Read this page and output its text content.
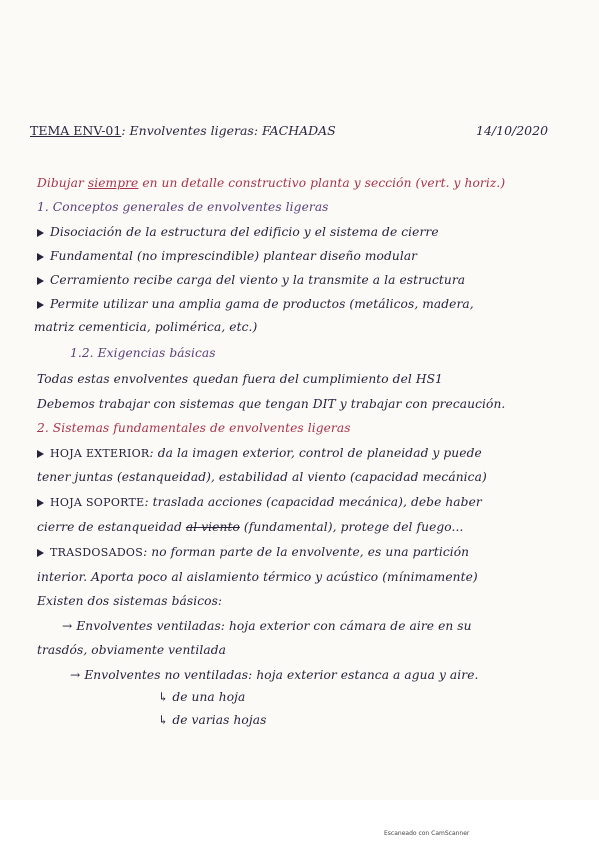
TEMA ENV-01: Envolventes ligeras: FACHADAS	14/10/2020
Dibujar siempre en un detalle constructivo planta y sección (vert. y horiz.)
1. Conceptos generales de envolventes ligeras
Disociación de la estructura del edificio y el sistema de cierre
Fundamental (no imprescindible) plantear diseño modular
Cerramiento recibe carga del viento y la transmite a la estructura
Permite utilizar una amplia gama de productos (metálicos, madera,
matriz cementicia, polimérica, etc.)
1.2. Exigencias básicas
Todas estas envolventes quedan fuera del cumplimiento del HS1
Debemos trabajar con sistemas que tengan DIT y trabajar con precaución.
2. Sistemas fundamentales de envolventes ligeras
HOJA EXTERIOR: da la imagen exterior, control de planeidad y puede
tener juntas (estanqueidad), estabilidad al viento (capacidad mecánica)
HOJA SOPORTE: traslada acciones (capacidad mecánica), debe haber
cierre de estanqueidad al viento (fundamental), protege del fuego...
TRASDOSADOS: no forman parte de la envolvente, es una partición
interior. Aporta poco al aislamiento térmico y acústico (mínimamente)
Existen dos sistemas básicos:
→ Envolventes ventiladas: hoja exterior con cámara de aire en su
trasdós, obviamente ventilada
→ Envolventes no ventiladas: hoja exterior estanca a agua y aire.
↳ de una hoja
↳ de varias hojas
Escaneado con CamScanner
